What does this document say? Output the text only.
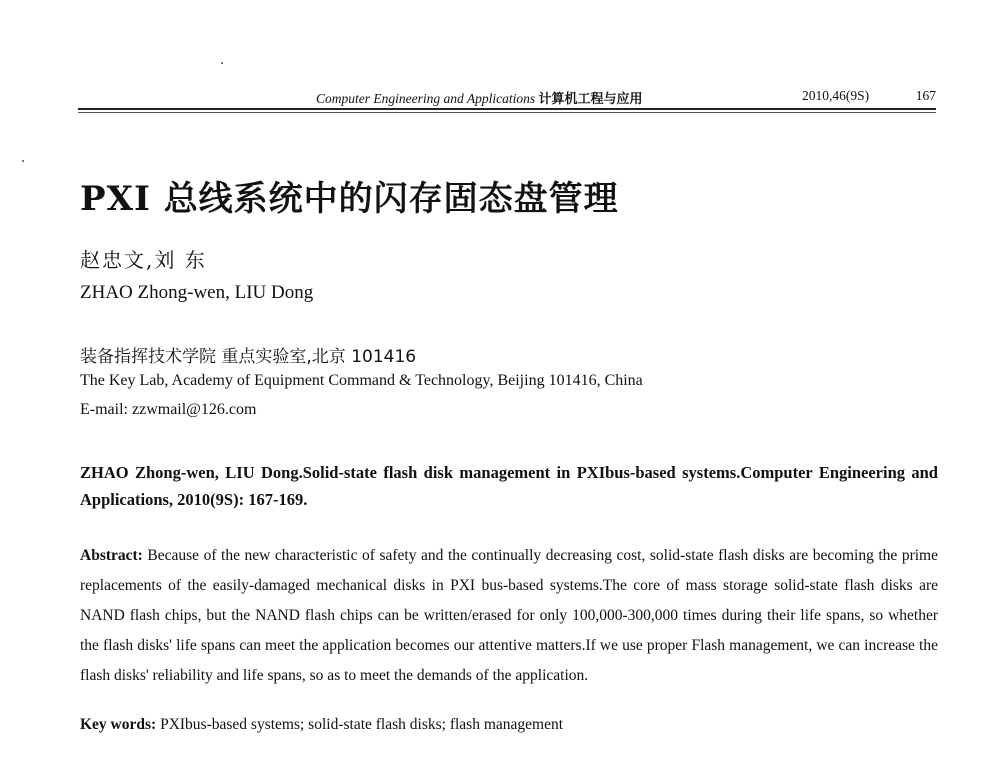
Computer Engineering and Applications 计算机工程与应用	2010,46(9S)	167
PXI 总线系统中的闪存固态盘管理
赵忠文,刘 东
ZHAO Zhong-wen, LIU Dong
装备指挥技术学院 重点实验室,北京 101416
The Key Lab, Academy of Equipment Command & Technology, Beijing 101416, China
E-mail: zzwmail@126.com
ZHAO Zhong-wen, LIU Dong.Solid-state flash disk management in PXIbus-based systems.Computer Engineering and Applications, 2010(9S): 167-169.
Abstract: Because of the new characteristic of safety and the continually decreasing cost, solid-state flash disks are becoming the prime replacements of the easily-damaged mechanical disks in PXI bus-based systems.The core of mass storage solid-state flash disks are NAND flash chips, but the NAND flash chips can be written/erased for only 100,000-300,000 times during their life spans, so whether the flash disks' life spans can meet the application becomes our attentive matters.If we use proper Flash management, we can increase the flash disks' reliability and life spans, so as to meet the demands of the application.
Key words: PXIbus-based systems; solid-state flash disks; flash management
